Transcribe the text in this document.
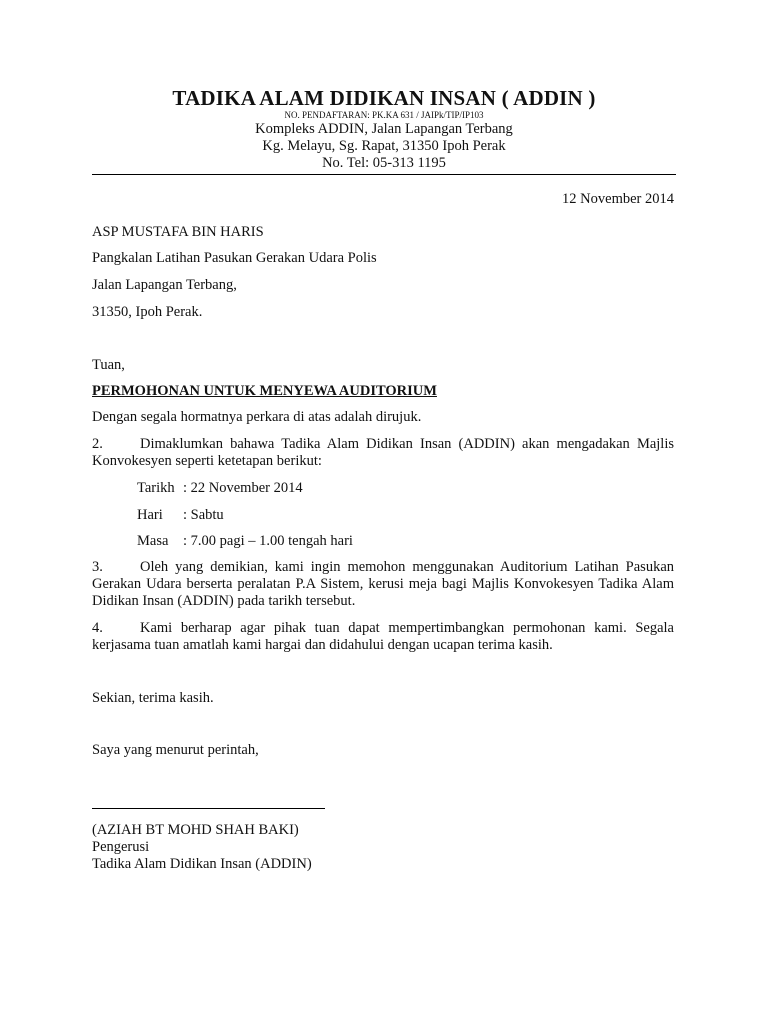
TADIKA ALAM DIDIKAN INSAN ( ADDIN )
NO. PENDAFTARAN: PK.KA 631 / JAIPk/TIP/IP103
Kompleks ADDIN, Jalan Lapangan Terbang
Kg. Melayu, Sg. Rapat, 31350 Ipoh Perak
No. Tel: 05-313 1195
12 November 2014
ASP MUSTAFA BIN HARIS
Pangkalan Latihan Pasukan Gerakan Udara Polis
Jalan Lapangan Terbang,
31350, Ipoh Perak.
Tuan,
PERMOHONAN UNTUK MENYEWA AUDITORIUM
Dengan segala hormatnya perkara di atas adalah dirujuk.
2.	Dimaklumkan bahawa Tadika Alam Didikan Insan (ADDIN) akan mengadakan Majlis Konvokesyen seperti ketetapan berikut:
Tarikh : 22 November 2014
Hari : Sabtu
Masa : 7.00 pagi – 1.00 tengah hari
3.	Oleh yang demikian, kami ingin memohon menggunakan Auditorium Latihan Pasukan Gerakan Udara berserta peralatan P.A Sistem, kerusi meja bagi Majlis Konvokesyen Tadika Alam Didikan Insan (ADDIN) pada tarikh tersebut.
4.	Kami berharap agar pihak tuan dapat mempertimbangkan permohonan kami. Segala kerjasama tuan amatlah kami hargai dan didahului dengan ucapan terima kasih.
Sekian, terima kasih.
Saya yang menurut perintah,
(AZIAH BT MOHD SHAH BAKI)
Pengerusi
Tadika Alam Didikan Insan (ADDIN)
